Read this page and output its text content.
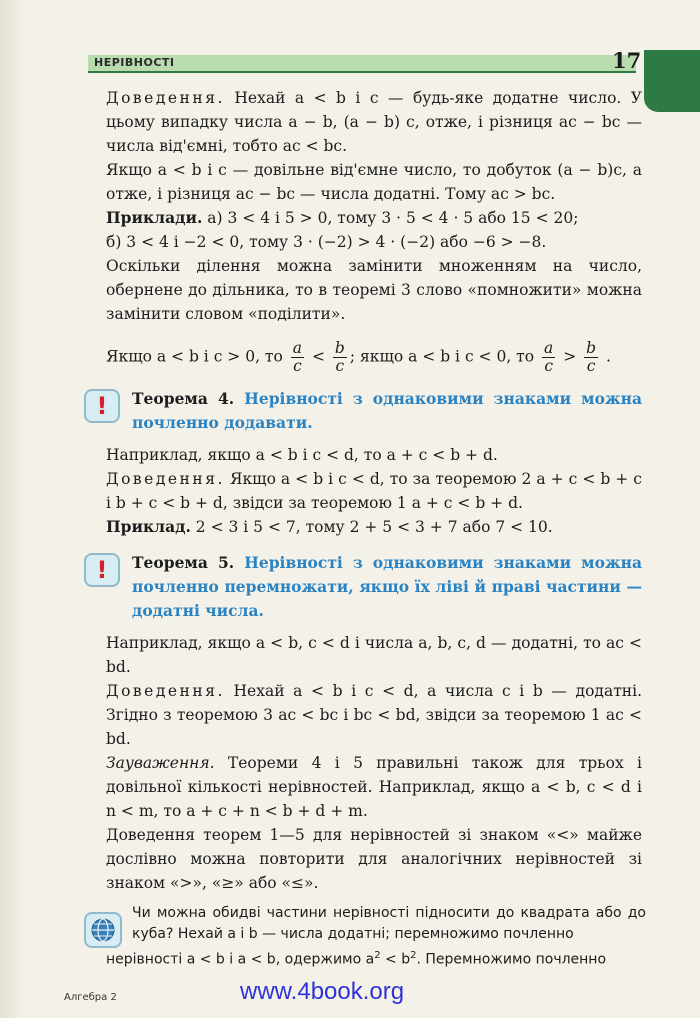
НЕРІВНОСТІ	17

Доведення. Нехай a < b і c — будь-яке додатне число. У цьому випадку числа a − b, (a − b) c, отже, і різниця ac − bc — числа від'ємні, тобто ac < bc.

Якщо a < b і c — довільне від'ємне число, то добуток (a − b)c, а отже, і різниця ac − bc — числа додатні. Тому ac > bc.

Приклади. а) 3 < 4 і 5 > 0, тому 3 · 5 < 4 · 5 або 15 < 20;
б) 3 < 4 і −2 < 0, тому 3 · (−2) > 4 · (−2) або −6 > −8.

Оскільки ділення можна замінити множенням на число, обернене до дільника, то в теоремі 3 слово «помножити» можна замінити словом «поділити».

Якщо a < b і c > 0, то $\frac{a}{c} < \frac{b}{c}$ ; якщо a < b і c < 0, то $\frac{a}{c} > \frac{b}{c}$ .
!	Теорема 4. Нерівності з однаковими знаками можна почленно додавати.

Наприклад, якщо a < b і c < d, то a + c < b + d.

Доведення. Якщо a < b і c < d, то за теоремою 2 a + c < b + c і b + c < b + d, звідси за теоремою 1 a + c < b + d.

Приклад. 2 < 3 і 5 < 7, тому 2 + 5 < 3 + 7 або 7 < 10.

!	Теорема 5. Нерівності з однаковими знаками можна почленно перемножати, якщо їх ліві й праві частини — додатні числа.

Наприклад, якщо a < b, c < d і числа a, b, c, d — додатні, то ac < bd.

Доведення. Нехай a < b і c < d, а числа c і b — додатні. Згідно з теоремою 3 ac < bc і bc < bd, звідси за теоремою 1 ac < bd.

Зауваження. Теореми 4 і 5 правильні також для трьох і довільної кількості нерівностей. Наприклад, якщо a < b, c < d і n < m, то a + c + n < b + d + m.

Доведення теорем 1—5 для нерівностей зі знаком «<» майже дослівно можна повторити для аналогічних нерівностей зі знаком «>», «≥» або «≤».

Чи можна обидві частини нерівності підносити до квадрата або до куба? Нехай a і b — числа додатні; перемножимо почленно
нерівності a < b і a < b, одержимо $a^2 < b^2$. Перемножимо почленно
Алгебра 2	www.4book.org
